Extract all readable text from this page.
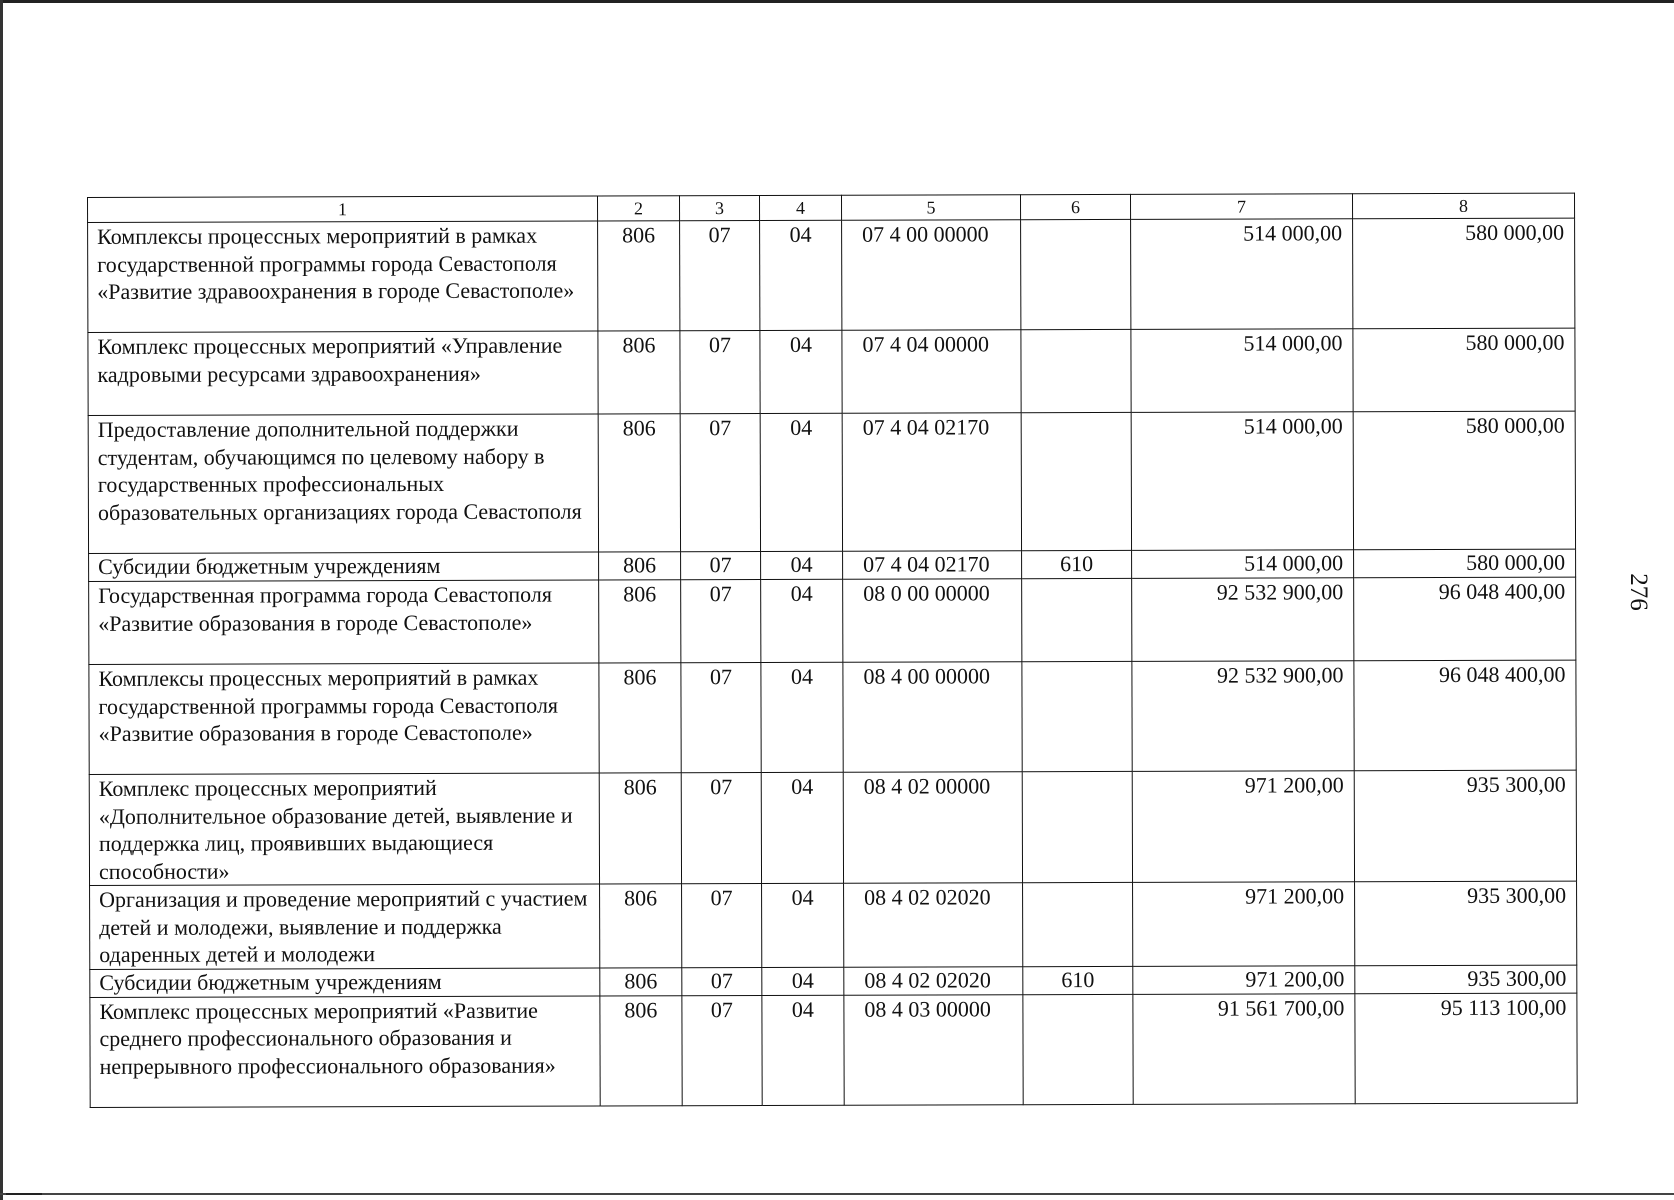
276
1	2	3	4	5	6	7	8
Комплексы процессных мероприятий в рамках государственной программы города Севастополя «Развитие здравоохранения в городе Севастополе»	806	07	04	07 4 00 00000		514 000,00	580 000,00
Комплекс процессных мероприятий «Управление кадровыми ресурсами здравоохранения»	806	07	04	07 4 04 00000		514 000,00	580 000,00
Предоставление дополнительной поддержки студентам, обучающимся по целевому набору в государственных профессиональных образовательных организациях города Севастополя	806	07	04	07 4 04 02170		514 000,00	580 000,00
Субсидии бюджетным учреждениям	806	07	04	07 4 04 02170	610	514 000,00	580 000,00
Государственная программа города Севастополя «Развитие образования в городе Севастополе»	806	07	04	08 0 00 00000		92 532 900,00	96 048 400,00
Комплексы процессных мероприятий в рамках государственной программы города Севастополя «Развитие образования в городе Севастополе»	806	07	04	08 4 00 00000		92 532 900,00	96 048 400,00
Комплекс процессных мероприятий «Дополнительное образование детей, выявление и поддержка лиц, проявивших выдающиеся способности»	806	07	04	08 4 02 00000		971 200,00	935 300,00
Организация и проведение мероприятий с участием детей и молодежи, выявление и поддержка одаренных детей и молодежи	806	07	04	08 4 02 02020		971 200,00	935 300,00
Субсидии бюджетным учреждениям	806	07	04	08 4 02 02020	610	971 200,00	935 300,00
Комплекс процессных мероприятий «Развитие среднего профессионального образования и непрерывного профессионального образования»	806	07	04	08 4 03 00000		91 561 700,00	95 113 100,00
